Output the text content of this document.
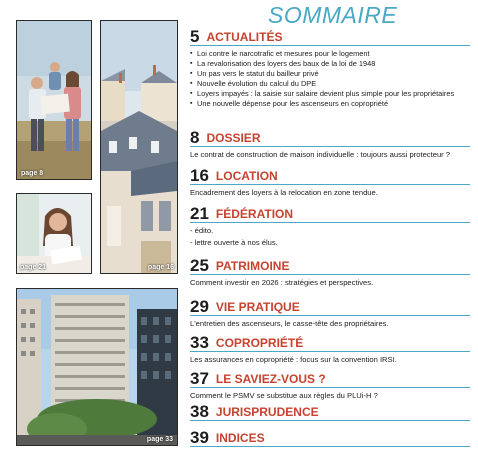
page 8
page 16
page 21
page 33
SOMMAIRE
5 ACTUALITÉS
▪ Loi contre le narcotrafic et mesures pour le logement
▪ La revalorisation des loyers des baux de la loi de 1948
▪ Un pas vers le statut du bailleur privé
▪ Nouvelle évolution du calcul du DPE
▪ Loyers impayés : la saisie sur salaire devient plus simple pour les propriétaires
▪ Une nouvelle dépense pour les ascenseurs en copropriété
8 DOSSIER
Le contrat de construction de maison individuelle : toujours aussi protecteur ?
16 LOCATION
Encadrement des loyers à la relocation en zone tendue.
21 FÉDÉRATION
- édito.
- lettre ouverte à nos élus.
25 PATRIMOINE
Comment investir en 2026 : stratégies et perspectives.
29 VIE PRATIQUE
L'entretien des ascenseurs, le casse-tête des propriétaires.
33 COPROPRIÉTÉ
Les assurances en copropriété : focus sur la convention IRSI.
37 LE SAVIEZ-VOUS ?
Comment le PSMV se substitue aux règles du PLUi-H ?
38 JURISPRUDENCE
39 INDICES
